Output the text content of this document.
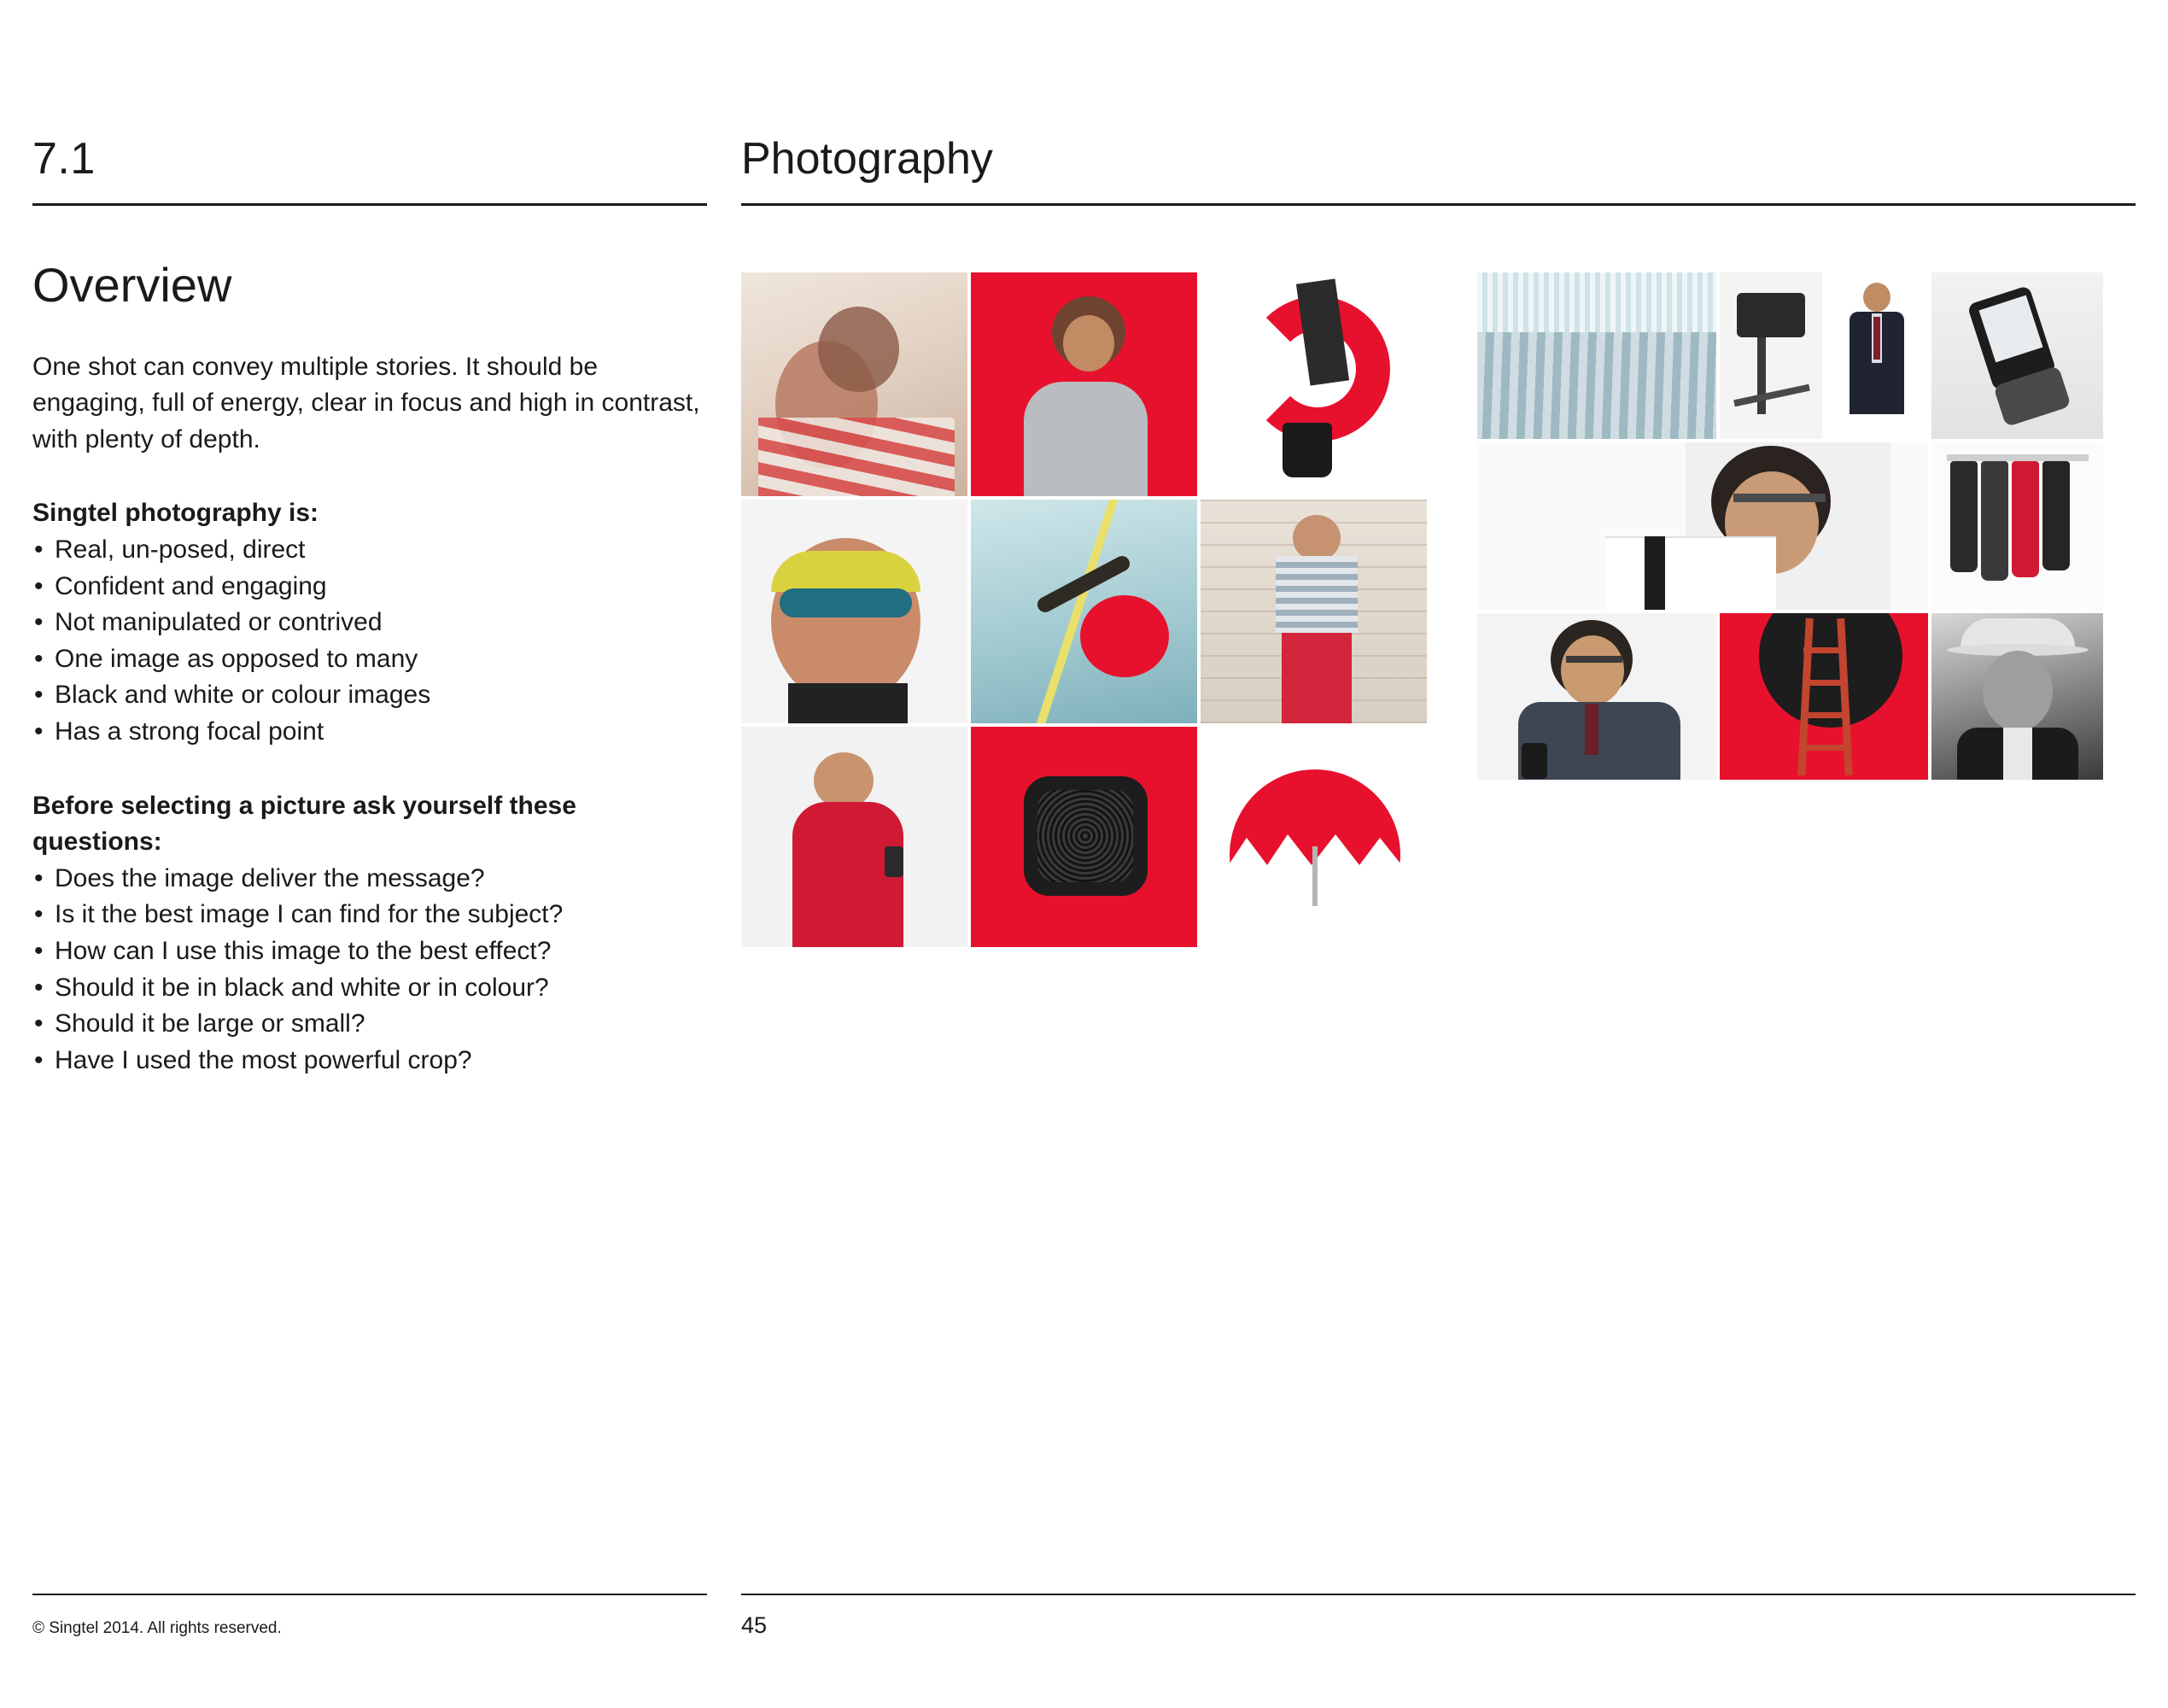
7.1
Overview

One shot can convey multiple stories. It should be engaging, full of energy, clear in focus and high in contrast, with plenty of depth.

Singtel photography is:
• Real, un-posed, direct
• Confident and engaging
• Not manipulated or contrived
• One image as opposed to many
• Black and white or colour images
• Has a strong focal point
Before selecting a picture ask yourself these questions:
• Does the image deliver the message?
• Is it the best image I can find for the subject?
• How can I use this image to the best effect?
• Should it be in black and white or in colour?
• Should it be large or small?
• Have I used the most powerful crop?
Photography
© Singtel 2014. All rights reserved.	45
